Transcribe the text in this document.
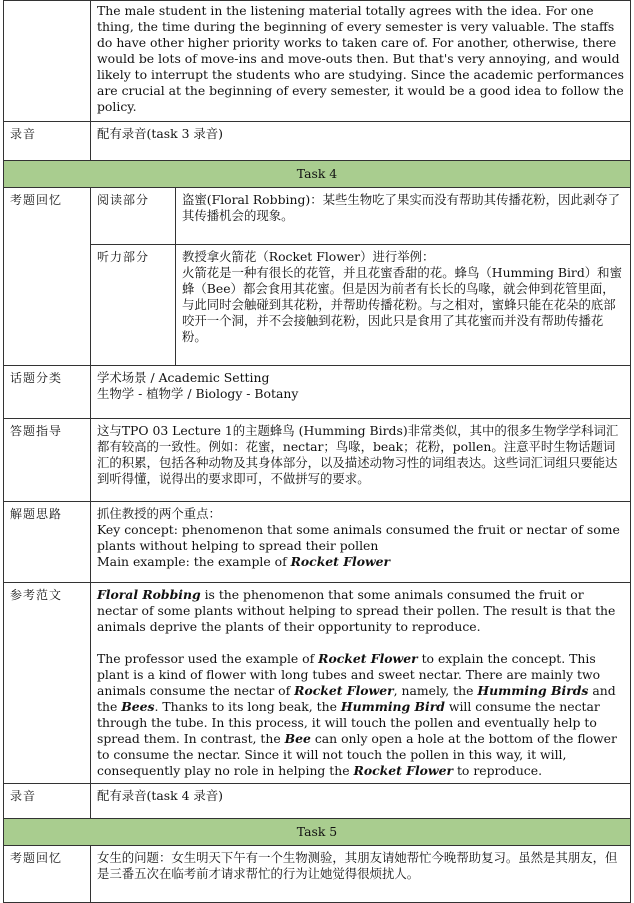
	The male student in the listening material totally agrees with the idea. For one thing, the time during the beginning of every semester is very valuable. The staffs do have other higher priority works to taken care of. For another, otherwise, there would be lots of move-ins and move-outs then. But that's very annoying, and would likely to interrupt the students who are studying. Since the academic performances are crucial at the beginning of every semester, it would be a good idea to follow the policy.
录音	配有录音(task 3 录音)
Task 4
考题回忆		阅读部分	盗蜜(Floral Robbing)：某些生物吃了果实而没有帮助其传播花粉，因此剥夺了其传播机会的现象。
听力部分	教授拿火箭花（Rocket Flower）进行举例：

火箭花是一种有很长的花管，并且花蜜香甜的花。蜂鸟（Humming Bird）和蜜蜂（Bee）都会食用其花蜜。但是因为前者有长长的鸟喙，就会伸到花管里面，与此同时会触碰到其花粉，并帮助传播花粉。与之相对，蜜蜂只能在花朵的底部咬开一个洞，并不会接触到花粉，因此只是食用了其花蜜而并没有帮助传播花粉。

话题分类	学术场景 / Academic Setting

生物学 - 植物学 / Biology - Botany

答题指导	这与TPO 03 Lecture 1的主题蜂鸟 (Humming Birds)非常类似，其中的很多生物学学科词汇都有较高的一致性。例如：花蜜，nectar；鸟喙，beak；花粉，pollen。注意平时生物话题词汇的积累，包括各种动物及其身体部分，以及描述动物习性的词组表达。这些词汇词组只要能达到听得懂，说得出的要求即可，不做拼写的要求。
解题思路	抓住教授的两个重点：

Key concept: phenomenon that some animals consumed the fruit or nectar of some plants without helping to spread their pollen

Main example: the example of Rocket Flower

参考范文	Floral Robbing is the phenomenon that some animals consumed the fruit or nectar of some plants without helping to spread their pollen. The result is that the animals deprive the plants of their opportunity to reproduce.

The professor used the example of Rocket Flower to explain the concept. This plant is a kind of flower with long tubes and sweet nectar. There are mainly two animals consume the nectar of Rocket Flower, namely, the Humming Birds and the Bees. Thanks to its long beak, the Humming Bird will consume the nectar through the tube. In this process, it will touch the pollen and eventually help to spread them. In contrast, the Bee can only open a hole at the bottom of the flower to consume the nectar. Since it will not touch the pollen in this way, it will, consequently play no role in helping the Rocket Flower to reproduce.

录音	配有录音(task 4 录音)
Task 5
考题回忆	女生的问题：女生明天下午有一个生物测验，其朋友请她帮忙今晚帮助复习。虽然是其朋友，但是三番五次在临考前才请求帮忙的行为让她觉得很烦扰人。
